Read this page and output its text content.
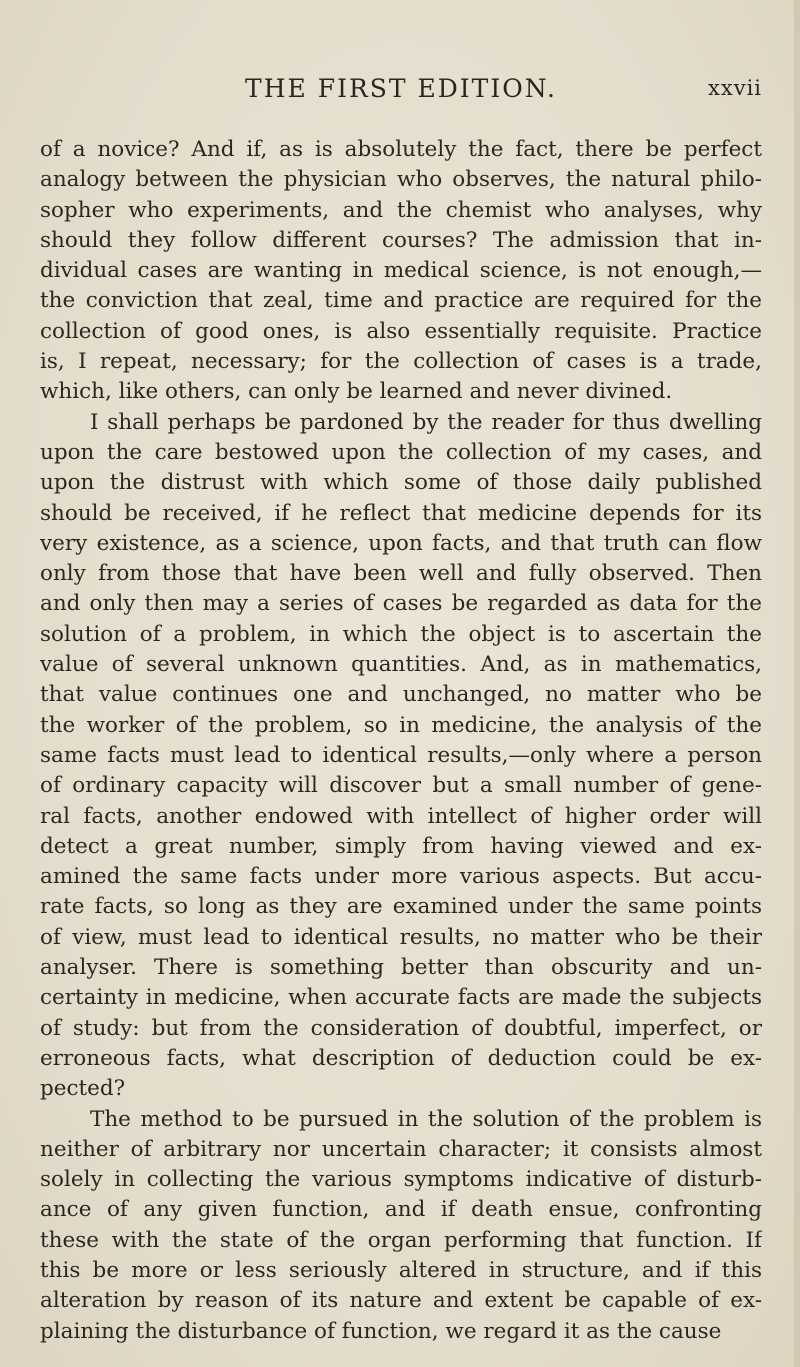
THE FIRST EDITION.	xxvii
of a novice? And if, as is absolutely the fact, there be perfect
analogy between the physician who observes, the natural philo-
sopher who experiments, and the chemist who analyses, why
should they follow different courses? The admission that in-
dividual cases are wanting in medical science, is not enough,—
the conviction that zeal, time and practice are required for the
collection of good ones, is also essentially requisite. Practice
is, I repeat, necessary; for the collection of cases is a trade,
which, like others, can only be learned and never divined.
I shall perhaps be pardoned by the reader for thus dwelling
upon the care bestowed upon the collection of my cases, and
upon the distrust with which some of those daily published
should be received, if he reflect that medicine depends for its
very existence, as a science, upon facts, and that truth can flow
only from those that have been well and fully observed. Then
and only then may a series of cases be regarded as data for the
solution of a problem, in which the object is to ascertain the
value of several unknown quantities. And, as in mathematics,
that value continues one and unchanged, no matter who be
the worker of the problem, so in medicine, the analysis of the
same facts must lead to identical results,—only where a person
of ordinary capacity will discover but a small number of gene-
ral facts, another endowed with intellect of higher order will
detect a great number, simply from having viewed and ex-
amined the same facts under more various aspects. But accu-
rate facts, so long as they are examined under the same points
of view, must lead to identical results, no matter who be their
analyser. There is something better than obscurity and un-
certainty in medicine, when accurate facts are made the subjects
of study: but from the consideration of doubtful, imperfect, or
erroneous facts, what description of deduction could be ex-
pected?
The method to be pursued in the solution of the problem is
neither of arbitrary nor uncertain character; it consists almost
solely in collecting the various symptoms indicative of disturb-
ance of any given function, and if death ensue, confronting
these with the state of the organ performing that function. If
this be more or less seriously altered in structure, and if this
alteration by reason of its nature and extent be capable of ex-
plaining the disturbance of function, we regard it as the cause
